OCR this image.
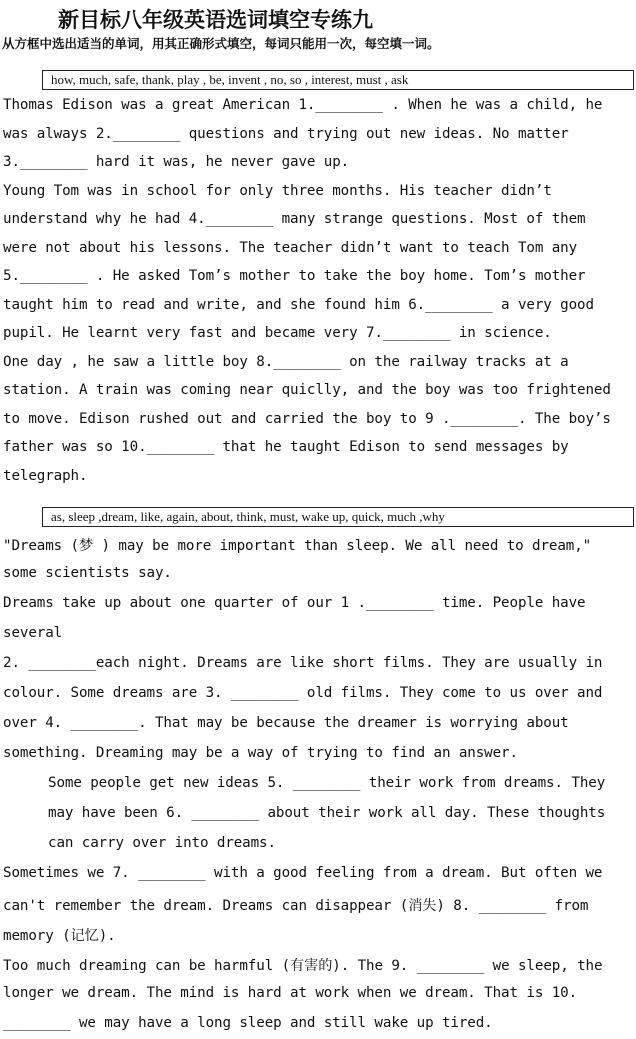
新目标八年级英语选词填空专练九
从方框中选出适当的单词，用其正确形式填空，每词只能用一次，每空填一词。
how, much, safe, thank, play , be, invent , no, so , interest, must , ask
Thomas Edison was a great American 1.________ . When he was a child, he
was always 2.________ questions and trying out new ideas. No matter
3.________ hard it was, he never gave up.
Young Tom was in school for only three months. His teacher didn’t
understand why he had 4.________ many strange questions. Most of them
were not about his lessons. The teacher didn’t want to teach Tom any
5.________ . He asked Tom’s mother to take the boy home. Tom’s mother
taught him to read and write, and she found him 6.________ a very good
pupil. He learnt very fast and became very 7.________ in science.
One day , he saw a little boy 8.________ on the railway tracks at a
station. A train was coming near quiclly, and the boy was too frightened
to move. Edison rushed out and carried the boy to 9 .________. The boy’s
father was so 10.________ that he taught Edison to send messages by
telegraph.
as, sleep ,dream, like, again, about, think, must, wake up, quick, much ,why
"Dreams (梦 ) may be more important than sleep. We all need to dream,"
some scientists say.
Dreams take up about one quarter of our 1 .________ time. People have
several
2. ________each night. Dreams are like short films. They are usually in
colour. Some dreams are 3. ________ old films. They come to us over and
over 4. ________. That may be because the dreamer is worrying about
something. Dreaming may be a way of trying to find an answer.
Some people get new ideas 5. ________ their work from dreams. They
may have been 6. ________ about their work all day. These thoughts
can carry over into dreams.
Sometimes we 7. ________ with a good feeling from a dream. But often we
can't remember the dream. Dreams can disappear (消失) 8. ________ from
memory (记忆).
Too much dreaming can be harmful (有害的). The 9. ________ we sleep, the
longer we dream. The mind is hard at work when we dream. That is 10.
________ we may have a long sleep and still wake up tired.
